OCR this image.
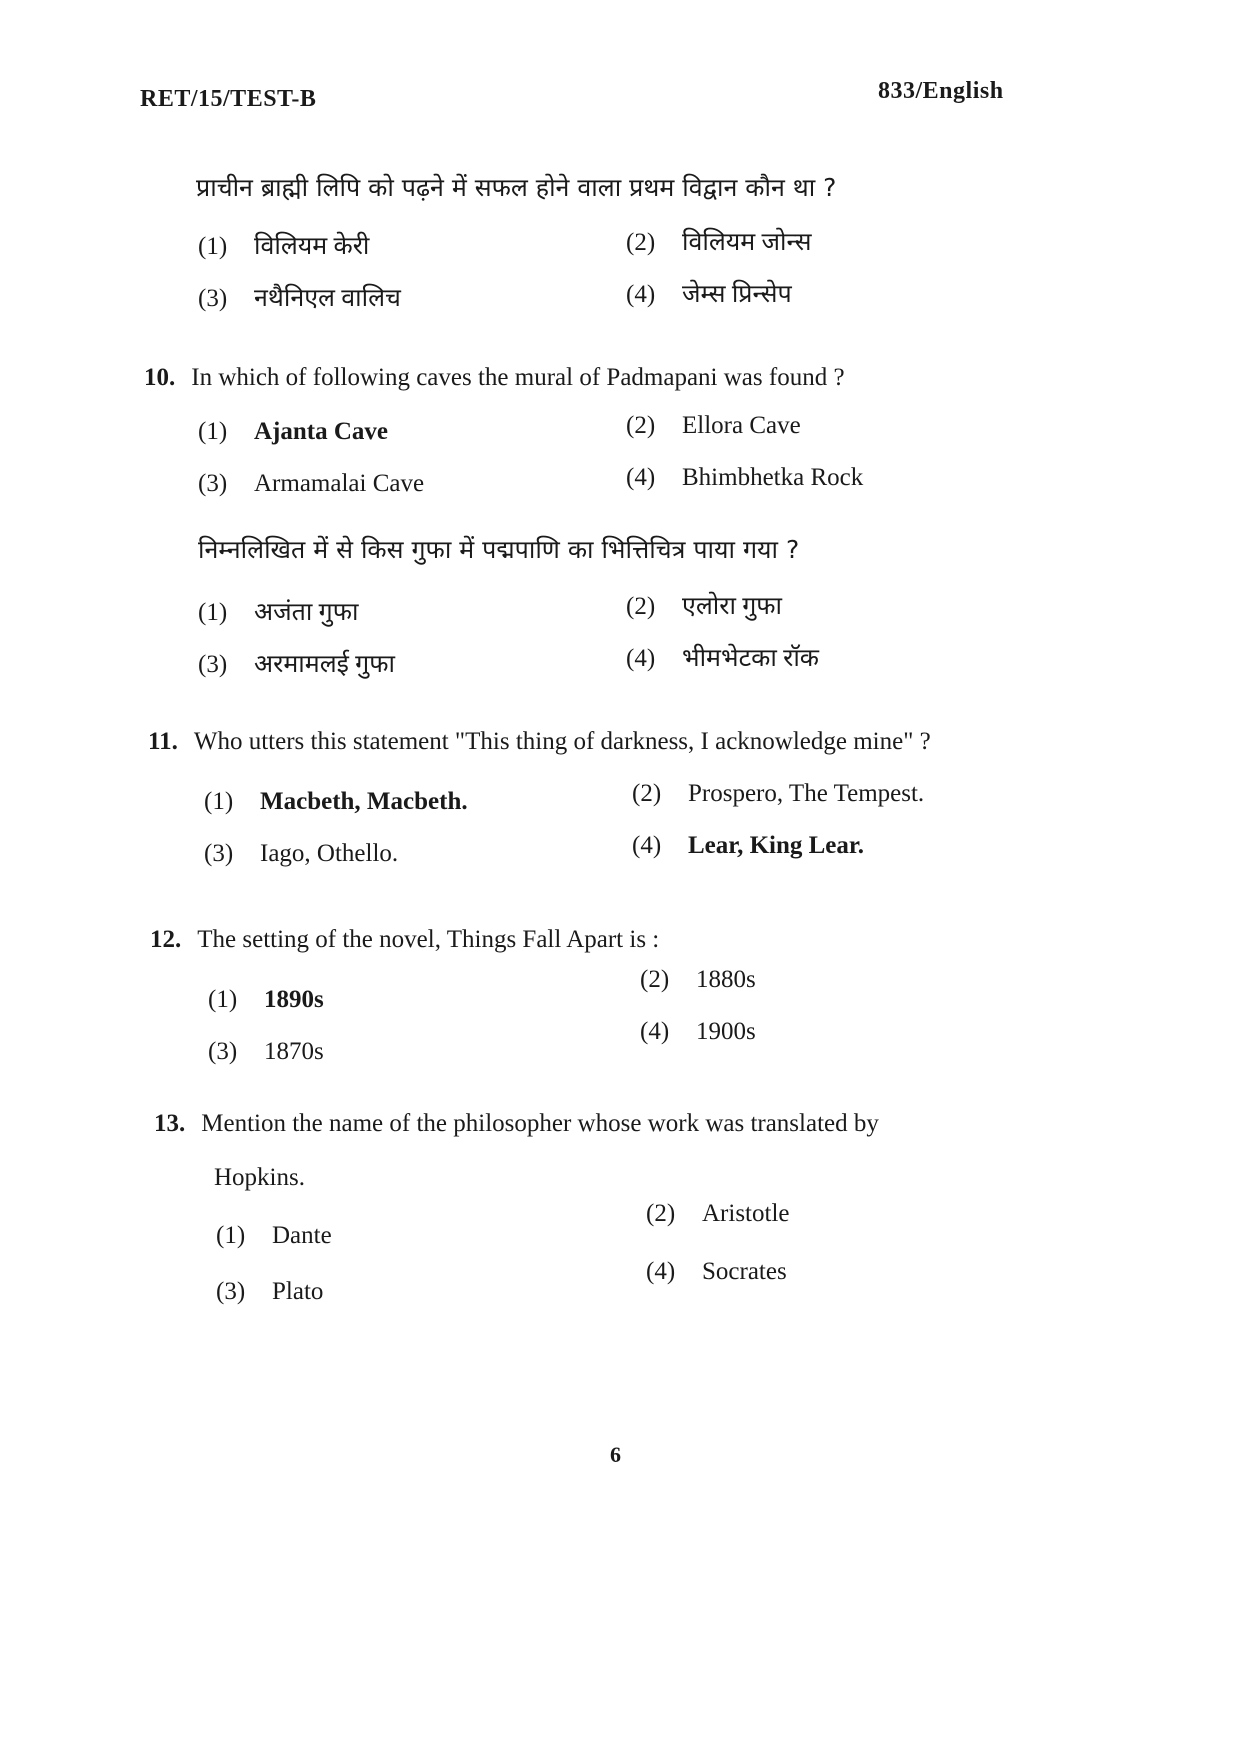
RET/15/TEST-B	833/English
प्राचीन ब्राह्मी लिपि को पढ़ने में सफल होने वाला प्रथम विद्वान कौन था ?
(1) विलियम केरी	(2) विलियम जोन्स
(3) नथैनिएल वालिच	(4) जेम्स प्रिन्सेप
10. In which of following caves the mural of Padmapani was found ?
(1) Ajanta Cave	(2) Ellora Cave
(3) Armamalai Cave	(4) Bhimbhetka Rock
निम्नलिखित में से किस गुफा में पद्मपाणि का भित्तिचित्र पाया गया ?
(1) अजंता गुफा	(2) एलोरा गुफा
(3) अरमामलई गुफा	(4) भीमभेटका रॉक
11. Who utters this statement "This thing of darkness, I acknowledge mine" ?
(1) Macbeth, Macbeth.	(2) Prospero, The Tempest.
(3) Iago, Othello.	(4) Lear, King Lear.
12. The setting of the novel, Things Fall Apart is :
(1) 1890s
(2) 1880s
(3) 1870s
(4) 1900s
13. Mention the name of the philosopher whose work was translated by
Hopkins.
(1) Dante
(2) Aristotle
(3) Plato
(4) Socrates
6
